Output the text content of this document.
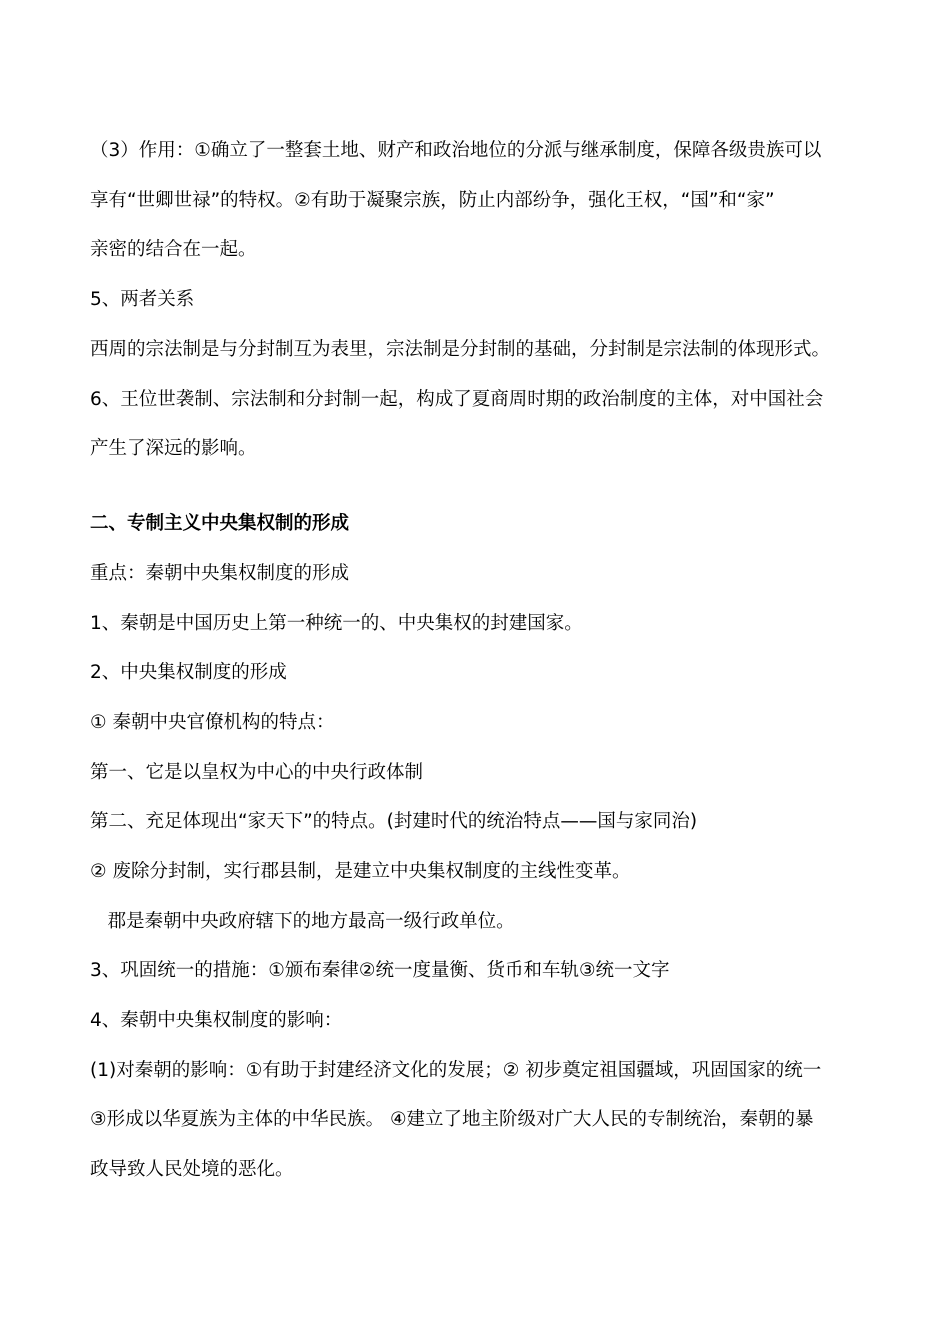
（3）作用：①确立了一整套土地、财产和政治地位的分派与继承制度，保障各级贵族可以
享有“世卿世禄”的特权。②有助于凝聚宗族，防止内部纷争，强化王权，“国”和“家”
亲密的结合在一起。
5、两者关系
西周的宗法制是与分封制互为表里，宗法制是分封制的基础，分封制是宗法制的体现形式。
6、王位世袭制、宗法制和分封制一起，构成了夏商周时期的政治制度的主体，对中国社会
产生了深远的影响。
二、专制主义中央集权制的形成
重点：秦朝中央集权制度的形成
1、秦朝是中国历史上第一种统一的、中央集权的封建国家。
2、中央集权制度的形成
① 秦朝中央官僚机构的特点：
第一、它是以皇权为中心的中央行政体制
第二、充足体现出“家天下”的特点。(封建时代的统治特点——国与家同治)
② 废除分封制，实行郡县制，是建立中央集权制度的主线性变革。
郡是秦朝中央政府辖下的地方最高一级行政单位。
3、巩固统一的措施：①颁布秦律②统一度量衡、货币和车轨③统一文字
4、秦朝中央集权制度的影响：
(1)对秦朝的影响：①有助于封建经济文化的发展；② 初步奠定祖国疆域，巩固国家的统一
③形成以华夏族为主体的中华民族。 ④建立了地主阶级对广大人民的专制统治，秦朝的暴
政导致人民处境的恶化。
